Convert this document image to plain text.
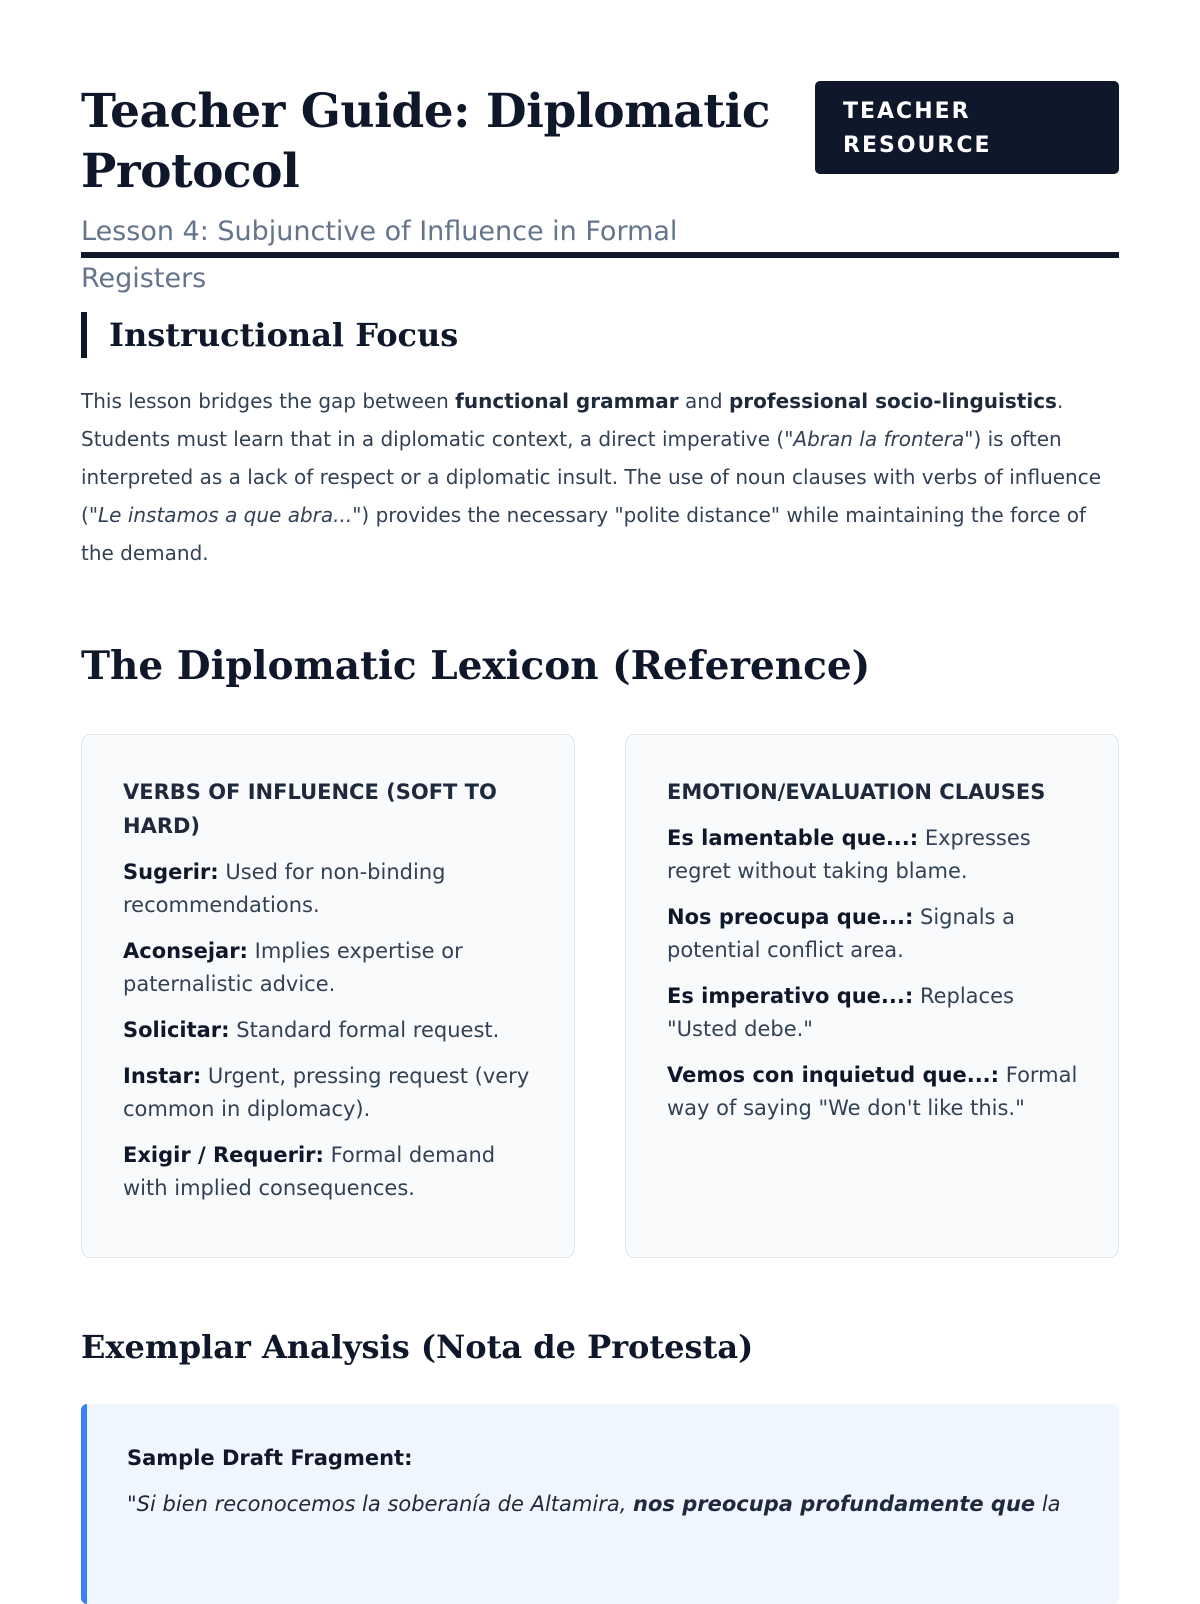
Teacher Guide: Diplomatic Protocol

Lesson 4: Subjunctive of Influence in Formal Registers

TEACHER RESOURCE
Instructional Focus

This lesson bridges the gap between functional grammar and professional socio-linguistics. Students must learn that in a diplomatic context, a direct imperative ("Abran la frontera") is often interpreted as a lack of respect or a diplomatic insult. The use of noun clauses with verbs of influence ("Le instamos a que abra...") provides the necessary "polite distance" while maintaining the force of the demand.

The Diplomatic Lexicon (Reference)

VERBS OF INFLUENCE (SOFT TO HARD)

Sugerir: Used for non-binding recommendations.

Aconsejar: Implies expertise or paternalistic advice.

Solicitar: Standard formal request.

Instar: Urgent, pressing request (very common in diplomacy).

Exigir / Requerir: Formal demand with implied consequences.

EMOTION/EVALUATION CLAUSES

Es lamentable que...: Expresses regret without taking blame.

Nos preocupa que...: Signals a potential conflict area.

Es imperativo que...: Replaces "Usted debe."

Vemos con inquietud que...: Formal way of saying "We don't like this."

Exemplar Analysis (Nota de Protesta)

Sample Draft Fragment:

"Si bien reconocemos la soberanía de Altamira, nos preocupa profundamente que la
